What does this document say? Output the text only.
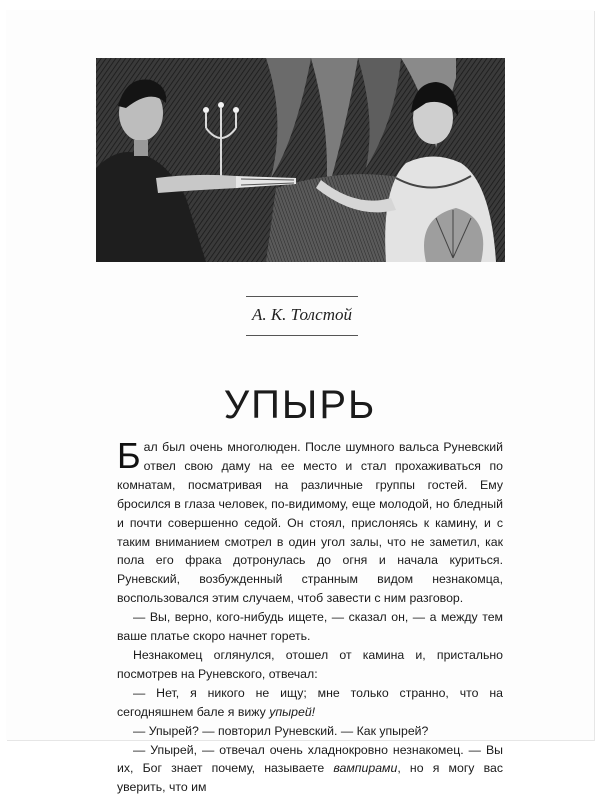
А. К. Толстой
УПЫРЬ

Бал был очень многолюден. После шумного вальса Руневский отвел свою даму на ее место и стал прохаживаться по комнатам, посматривая на различные группы гостей. Ему бросился в глаза человек, по-видимому, еще молодой, но бледный и почти совершенно седой. Он стоял, прислонясь к камину, и с таким вниманием смотрел в один угол залы, что не заметил, как пола его фрака дотронулась до огня и начала куриться. Руневский, возбужденный странным видом незнакомца, воспользовался этим случаем, чтоб завести с ним разговор.

— Вы, верно, кого-нибудь ищете, — сказал он, — а между тем ваше платье скоро начнет гореть.

Незнакомец оглянулся, отошел от камина и, пристально посмотрев на Руневского, отвечал:

— Нет, я никого не ищу; мне только странно, что на сегодняшнем бале я вижу упырей!

— Упырей? — повторил Руневский. — Как упырей?

— Упырей, — отвечал очень хладнокровно незнакомец. — Вы их, Бог знает почему, называете вампирами, но я могу вас уверить, что им
